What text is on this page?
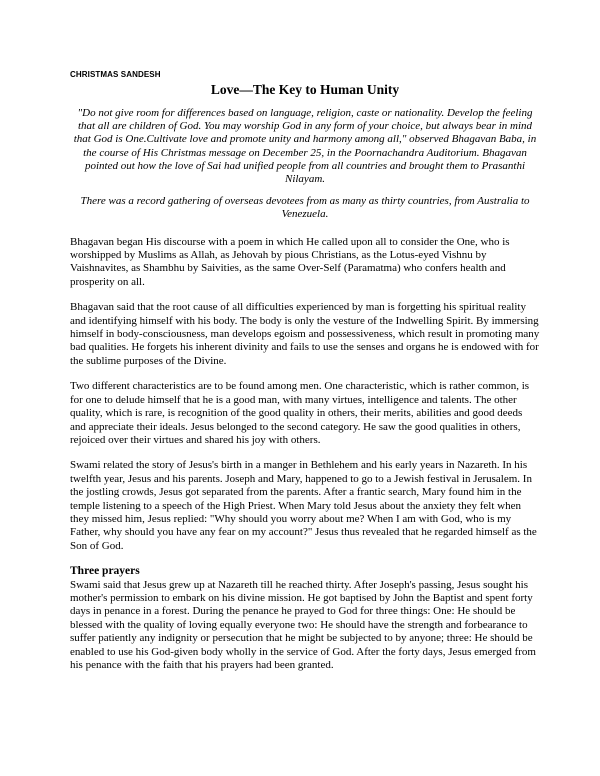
CHRISTMAS SANDESH

Love—The Key to Human Unity

"Do not give room for differences based on language, religion, caste or nationality. Develop the feeling that all are children of God. You may worship God in any form of your choice, but always bear in mind that God is One.Cultivate love and promote unity and harmony among all," observed Bhagavan Baba, in the course of His Christmas message on December 25, in the Poornachandra Auditorium. Bhagavan pointed out how the love of Sai had unified people from all countries and brought them to Prasanthi Nilayam.

There was a record gathering of overseas devotees from as many as thirty countries, from Australia to Venezuela.

Bhagavan began His discourse with a poem in which He called upon all to consider the One, who is worshipped by Muslims as Allah, as Jehovah by pious Christians, as the Lotus-eyed Vishnu by Vaishnavites, as Shambhu by Saivities, as the same Over-Self (Paramatma) who confers health and prosperity on all.

Bhagavan said that the root cause of all difficulties experienced by man is forgetting his spiritual reality and identifying himself with his body. The body is only the vesture of the Indwelling Spirit. By immersing himself in body-consciousness, man develops egoism and possessiveness, which result in promoting many bad qualities. He forgets his inherent divinity and fails to use the senses and organs he is endowed with for the sublime purposes of the Divine.

Two different characteristics are to be found among men. One characteristic, which is rather common, is for one to delude himself that he is a good man, with many virtues, intelligence and talents. The other quality, which is rare, is recognition of the good quality in others, their merits, abilities and good deeds and appreciate their ideals. Jesus belonged to the second category. He saw the good qualities in others, rejoiced over their virtues and shared his joy with others.

Swami related the story of Jesus's birth in a manger in Bethlehem and his early years in Nazareth. In his twelfth year, Jesus and his parents. Joseph and Mary, happened to go to a Jewish festival in Jerusalem. In the jostling crowds, Jesus got separated from the parents. After a frantic search, Mary found him in the temple listening to a speech of the High Priest. When Mary told Jesus about the anxiety they felt when they missed him, Jesus replied: "Why should you worry about me? When I am with God, who is my Father, why should you have any fear on my account?" Jesus thus revealed that he regarded himself as the Son of God.

Three prayers

Swami said that Jesus grew up at Nazareth till he reached thirty. After Joseph's passing, Jesus sought his mother's permission to embark on his divine mission. He got baptised by John the Baptist and spent forty days in penance in a forest. During the penance he prayed to God for three things: One: He should be blessed with the quality of loving equally everyone two: He should have the strength and forbearance to suffer patiently any indignity or persecution that he might be subjected to by anyone; three: He should be enabled to use his God-given body wholly in the service of God. After the forty days, Jesus emerged from his penance with the faith that his prayers had been granted.
